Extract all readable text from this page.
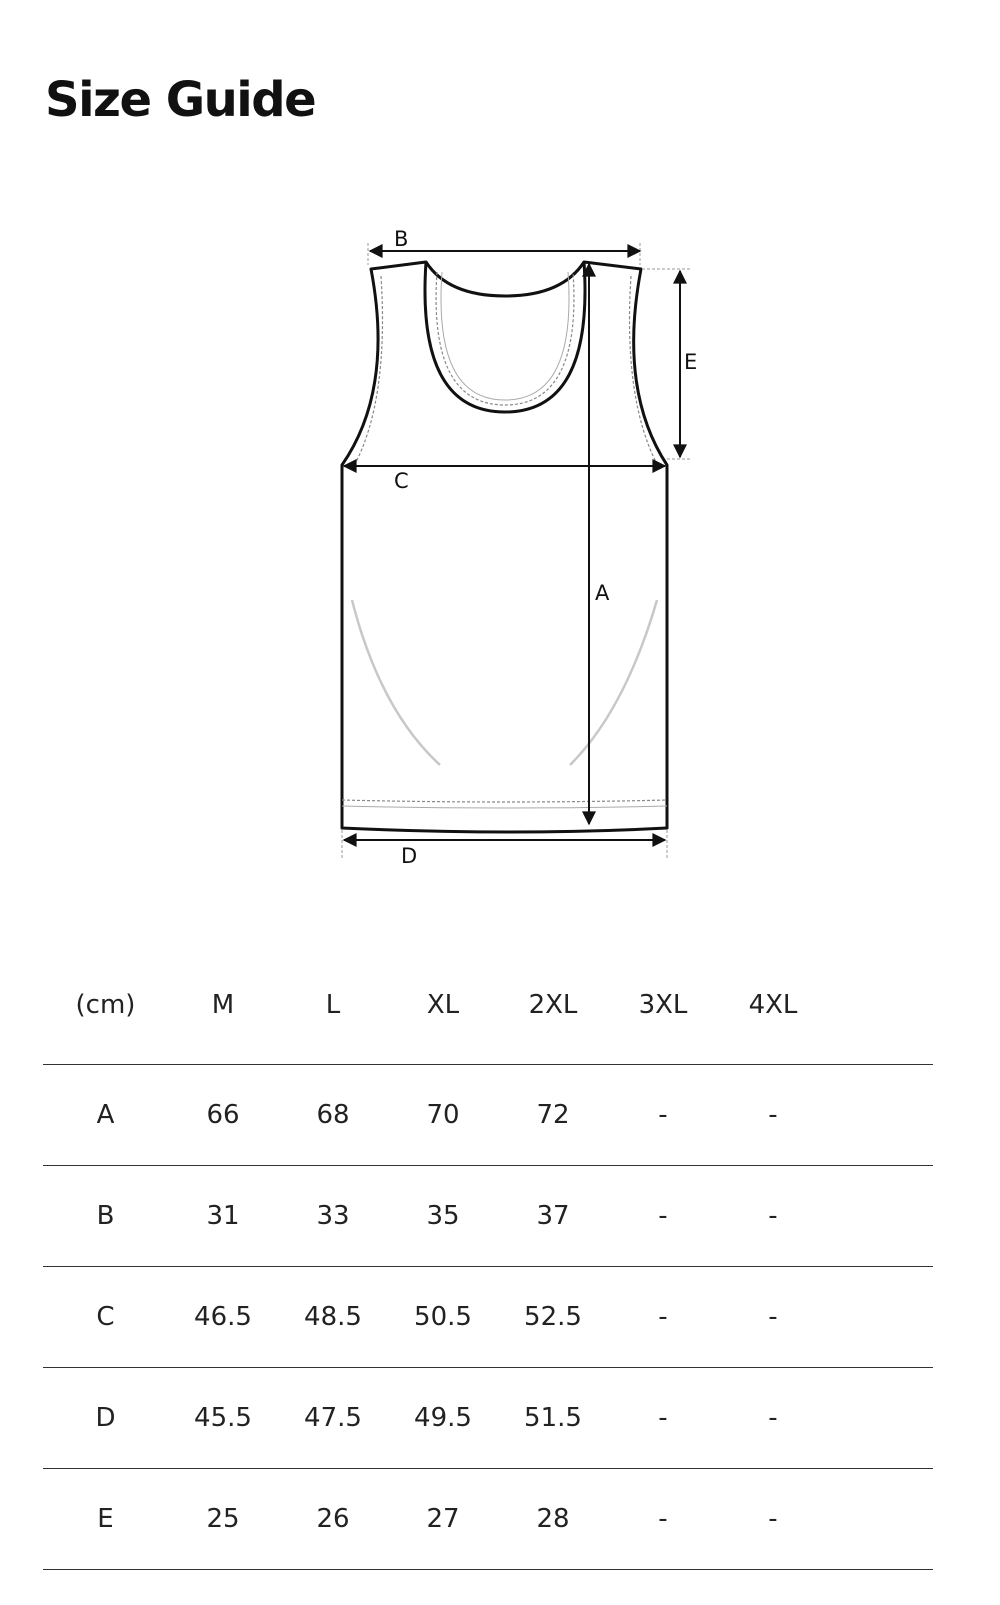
Size Guide
B
C
A
E
D
(cm)	M	L	XL	2XL	3XL	4XL	
A	66	68	70	72	-	-	
B	31	33	35	37	-	-	
C	46.5	48.5	50.5	52.5	-	-	
D	45.5	47.5	49.5	51.5	-	-	
E	25	26	27	28	-	-	
